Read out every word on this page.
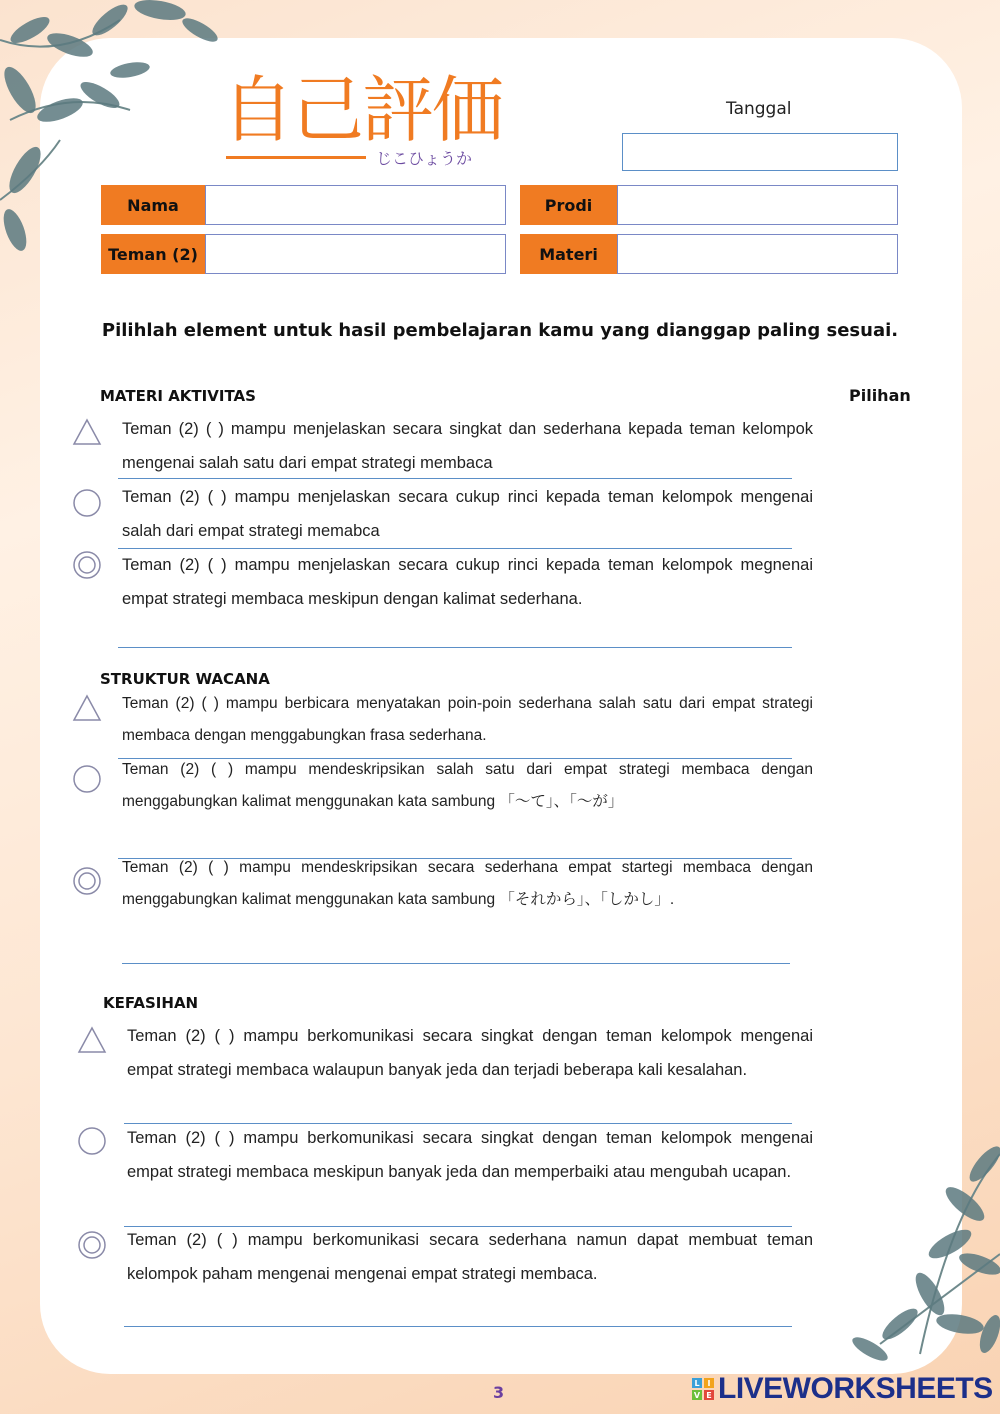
自己評価
じこひょうか
Tanggal
Nama	Prodi
Teman (2)	Materi
Pilihlah element untuk hasil pembelajaran kamu yang dianggap paling sesuai.
Pilihan
MATERI AKTIVITAS
Teman (2) ( ) mampu menjelaskan secara singkat dan sederhana kepada teman kelompok mengenai salah satu dari empat strategi membaca
Teman (2) ( ) mampu menjelaskan secara cukup rinci kepada teman kelompok mengenai salah dari empat strategi memabca
Teman (2) ( ) mampu menjelaskan secara cukup rinci kepada teman kelompok megnenai empat strategi membaca meskipun dengan kalimat sederhana.
STRUKTUR WACANA
Teman (2) ( ) mampu berbicara menyatakan poin-poin sederhana salah satu dari empat strategi membaca dengan menggabungkan frasa sederhana.
Teman (2) ( ) mampu mendeskripsikan salah satu dari empat strategi membaca dengan menggabungkan kalimat menggunakan kata sambung 「〜て」、「〜が」
Teman (2) ( ) mampu mendeskripsikan secara sederhana empat startegi membaca dengan menggabungkan kalimat menggunakan kata sambung 「それから」、「しかし」.
KEFASIHAN
Teman (2) ( ) mampu berkomunikasi secara singkat dengan teman kelompok mengenai empat strategi membaca walaupun banyak jeda dan terjadi beberapa kali kesalahan.
Teman (2) ( ) mampu berkomunikasi secara singkat dengan teman kelompok mengenai empat strategi membaca meskipun banyak jeda dan memperbaiki atau mengubah ucapan.
Teman (2) ( ) mampu berkomunikasi secara sederhana namun dapat membuat teman kelompok paham mengenai mengenai empat strategi membaca.
3	L I
V E LIVEWORKSHEETS
